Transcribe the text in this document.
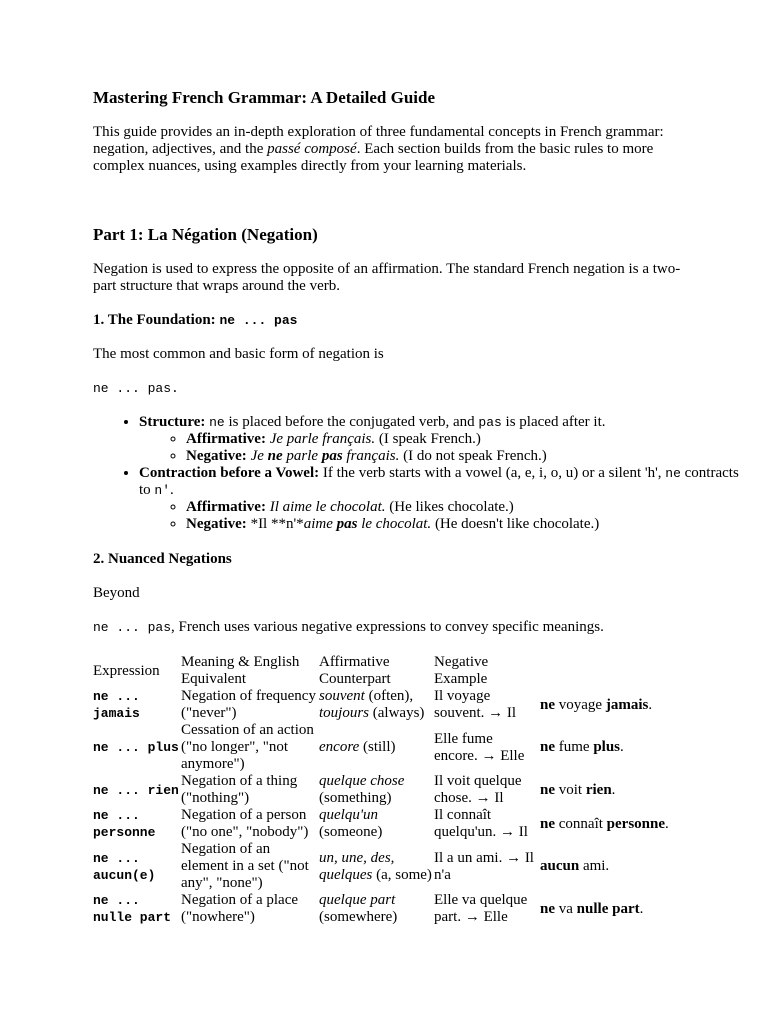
Mastering French Grammar: A Detailed Guide

This guide provides an in-depth exploration of three fundamental concepts in French grammar: negation, adjectives, and the passé composé. Each section builds from the basic rules to more complex nuances, using examples directly from your learning materials.

Part 1: La Négation (Negation)

Negation is used to express the opposite of an affirmation. The standard French negation is a two-part structure that wraps around the verb.

1. The Foundation: ne ... pas

The most common and basic form of negation is

ne ... pas.

• Structure: ne is placed before the conjugated verb, and pas is placed after it.
◦ Affirmative: Je parle français. (I speak French.)
◦ Negative: Je ne parle pas français. (I do not speak French.)
• Contraction before a Vowel: If the verb starts with a vowel (a, e, i, o, u) or a silent 'h', ne contracts to n'.
◦ Affirmative: Il aime le chocolat. (He likes chocolate.)
◦ Negative: *Il **n'*aime pas le chocolat. (He doesn't like chocolate.)
2. Nuanced Negations

Beyond

ne ... pas, French uses various negative expressions to convey specific meanings.

Expression	Meaning & English Equivalent	Affirmative Counterpart	Negative Example	
ne ... jamais	Negation of frequency ("never")	souvent (often), toujours (always)	Il voyage souvent. → Il	ne voyage jamais.
ne ... plus	Cessation of an action ("no longer", "not anymore")	encore (still)	Elle fume encore. → Elle	ne fume plus.
ne ... rien	Negation of a thing ("nothing")	quelque chose (something)	Il voit quelque chose. → Il	ne voit rien.
ne ... personne	Negation of a person ("no one", "nobody")	quelqu'un (someone)	Il connaît quelqu'un. → Il	ne connaît personne.
ne ... aucun(e)	Negation of an element in a set ("not any", "none")	un, une, des, quelques (a, some)	Il a un ami. → Il n'a	aucun ami.
ne ... nulle part	Negation of a place ("nowhere")	quelque part (somewhere)	Elle va quelque part. → Elle	ne va nulle part.
